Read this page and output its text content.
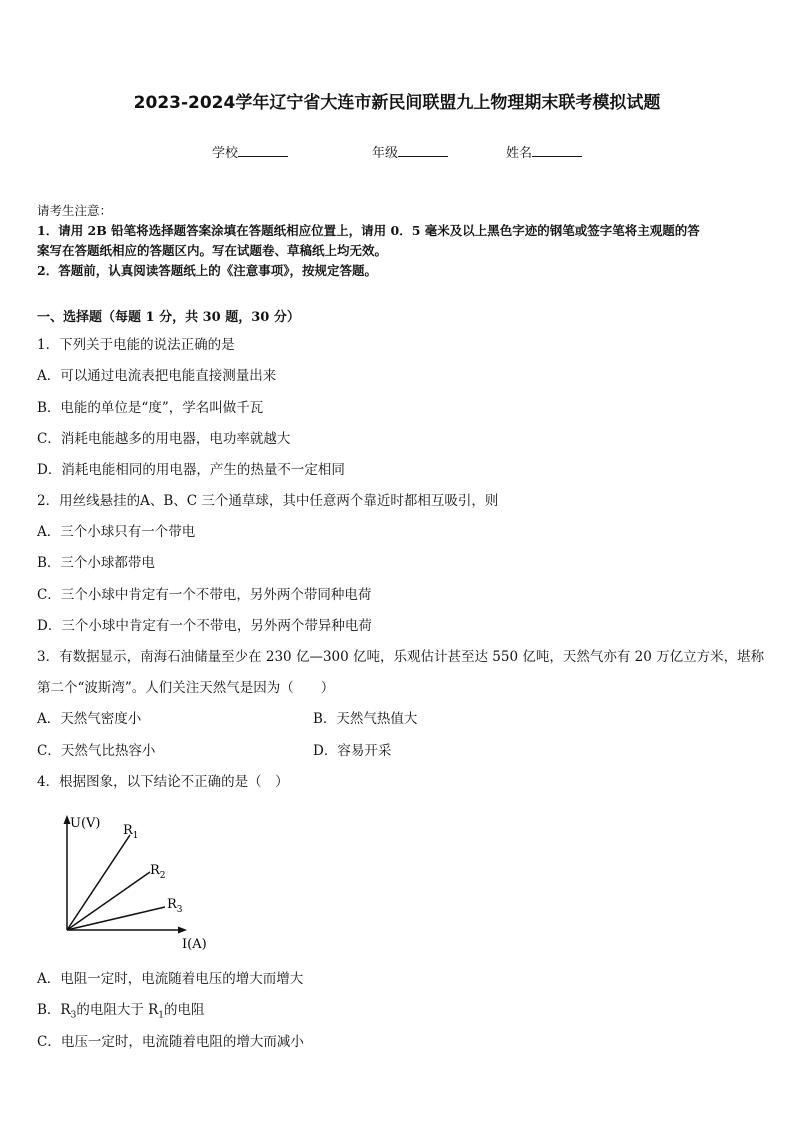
2023-2024学年辽宁省大连市新民间联盟九上物理期末联考模拟试题
学校	年级	姓名
请考生注意：
1．请用 2B 铅笔将选择题答案涂填在答题纸相应位置上，请用 0．5 毫米及以上黑色字迹的钢笔或签字笔将主观题的答
案写在答题纸相应的答题区内。写在试题卷、草稿纸上均无效。
2．答题前，认真阅读答题纸上的《注意事项》，按规定答题。
一、选择题（每题 1 分，共 30 题，30 分）
1．下列关于电能的说法正确的是
A．可以通过电流表把电能直接测量出来
B．电能的单位是“度”，学名叫做千瓦
C．消耗电能越多的用电器，电功率就越大
D．消耗电能相同的用电器，产生的热量不一定相同
2．用丝线悬挂的A、B、C 三个通草球，其中任意两个靠近时都相互吸引，则
A．三个小球只有一个带电
B．三个小球都带电
C．三个小球中肯定有一个不带电，另外两个带同种电荷
D．三个小球中肯定有一个不带电，另外两个带异种电荷
3．有数据显示，南海石油储量至少在 230 亿—300 亿吨，乐观估计甚至达 550 亿吨，天然气亦有 20 万亿立方米，堪称
第二个“波斯湾”。人们关注天然气是因为（　　）
A．天然气密度小	B．天然气热值大
C．天然气比热容小	D．容易开采
4．根据图象，以下结论不正确的是（　）
U(V)
I(A)
$R_1$
$R_2$
$R_3$
A．电阻一定时，电流随着电压的增大而增大
B．$R_3$的电阻大于 $R_1$的电阻
C．电压一定时，电流随着电阻的增大而减小
